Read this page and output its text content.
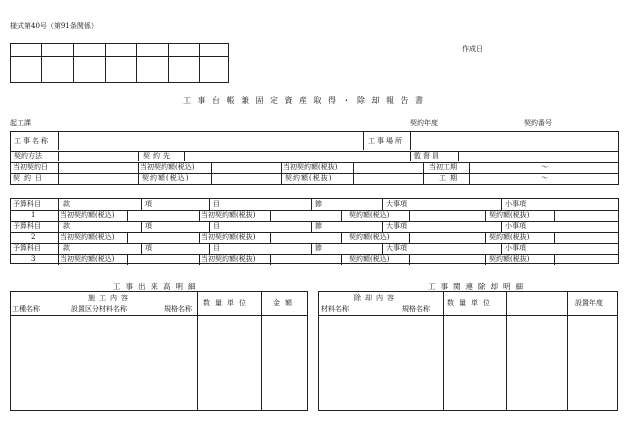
様式第40号（第91条関係）
作成日
工事台帳兼固定資産取得・除却報告書
起工課	契約年度	契約番号
工事名称	工事場所
契約方法	契約先	監督員
当初契約日	当初契約額(税込)	当初契約額(税抜)	当初工期	～
契約日	契約額(税込)	契約額(税抜)	工期	～
予算科目	款	項	目	節	大事項	小事項
1	当初契約額(税込)	当初契約額(税抜)	契約額(税込)	契約額(税抜)
予算科目	款	項	目	節	大事項	小事項
2	当初契約額(税込)	当初契約額(税抜)	契約額(税込)	契約額(税抜)
予算科目	款	項	目	節	大事項	小事項
3	当初契約額(税込)	当初契約額(税抜)	契約額(税込)	契約額(税抜)
工事出来高明細
施工内容
工種名称	設置区分材料名称	規格名称
数量単位	金額
工事関連除却明細
除却内容
材料名称	規格名称
数量単位	設置年度
